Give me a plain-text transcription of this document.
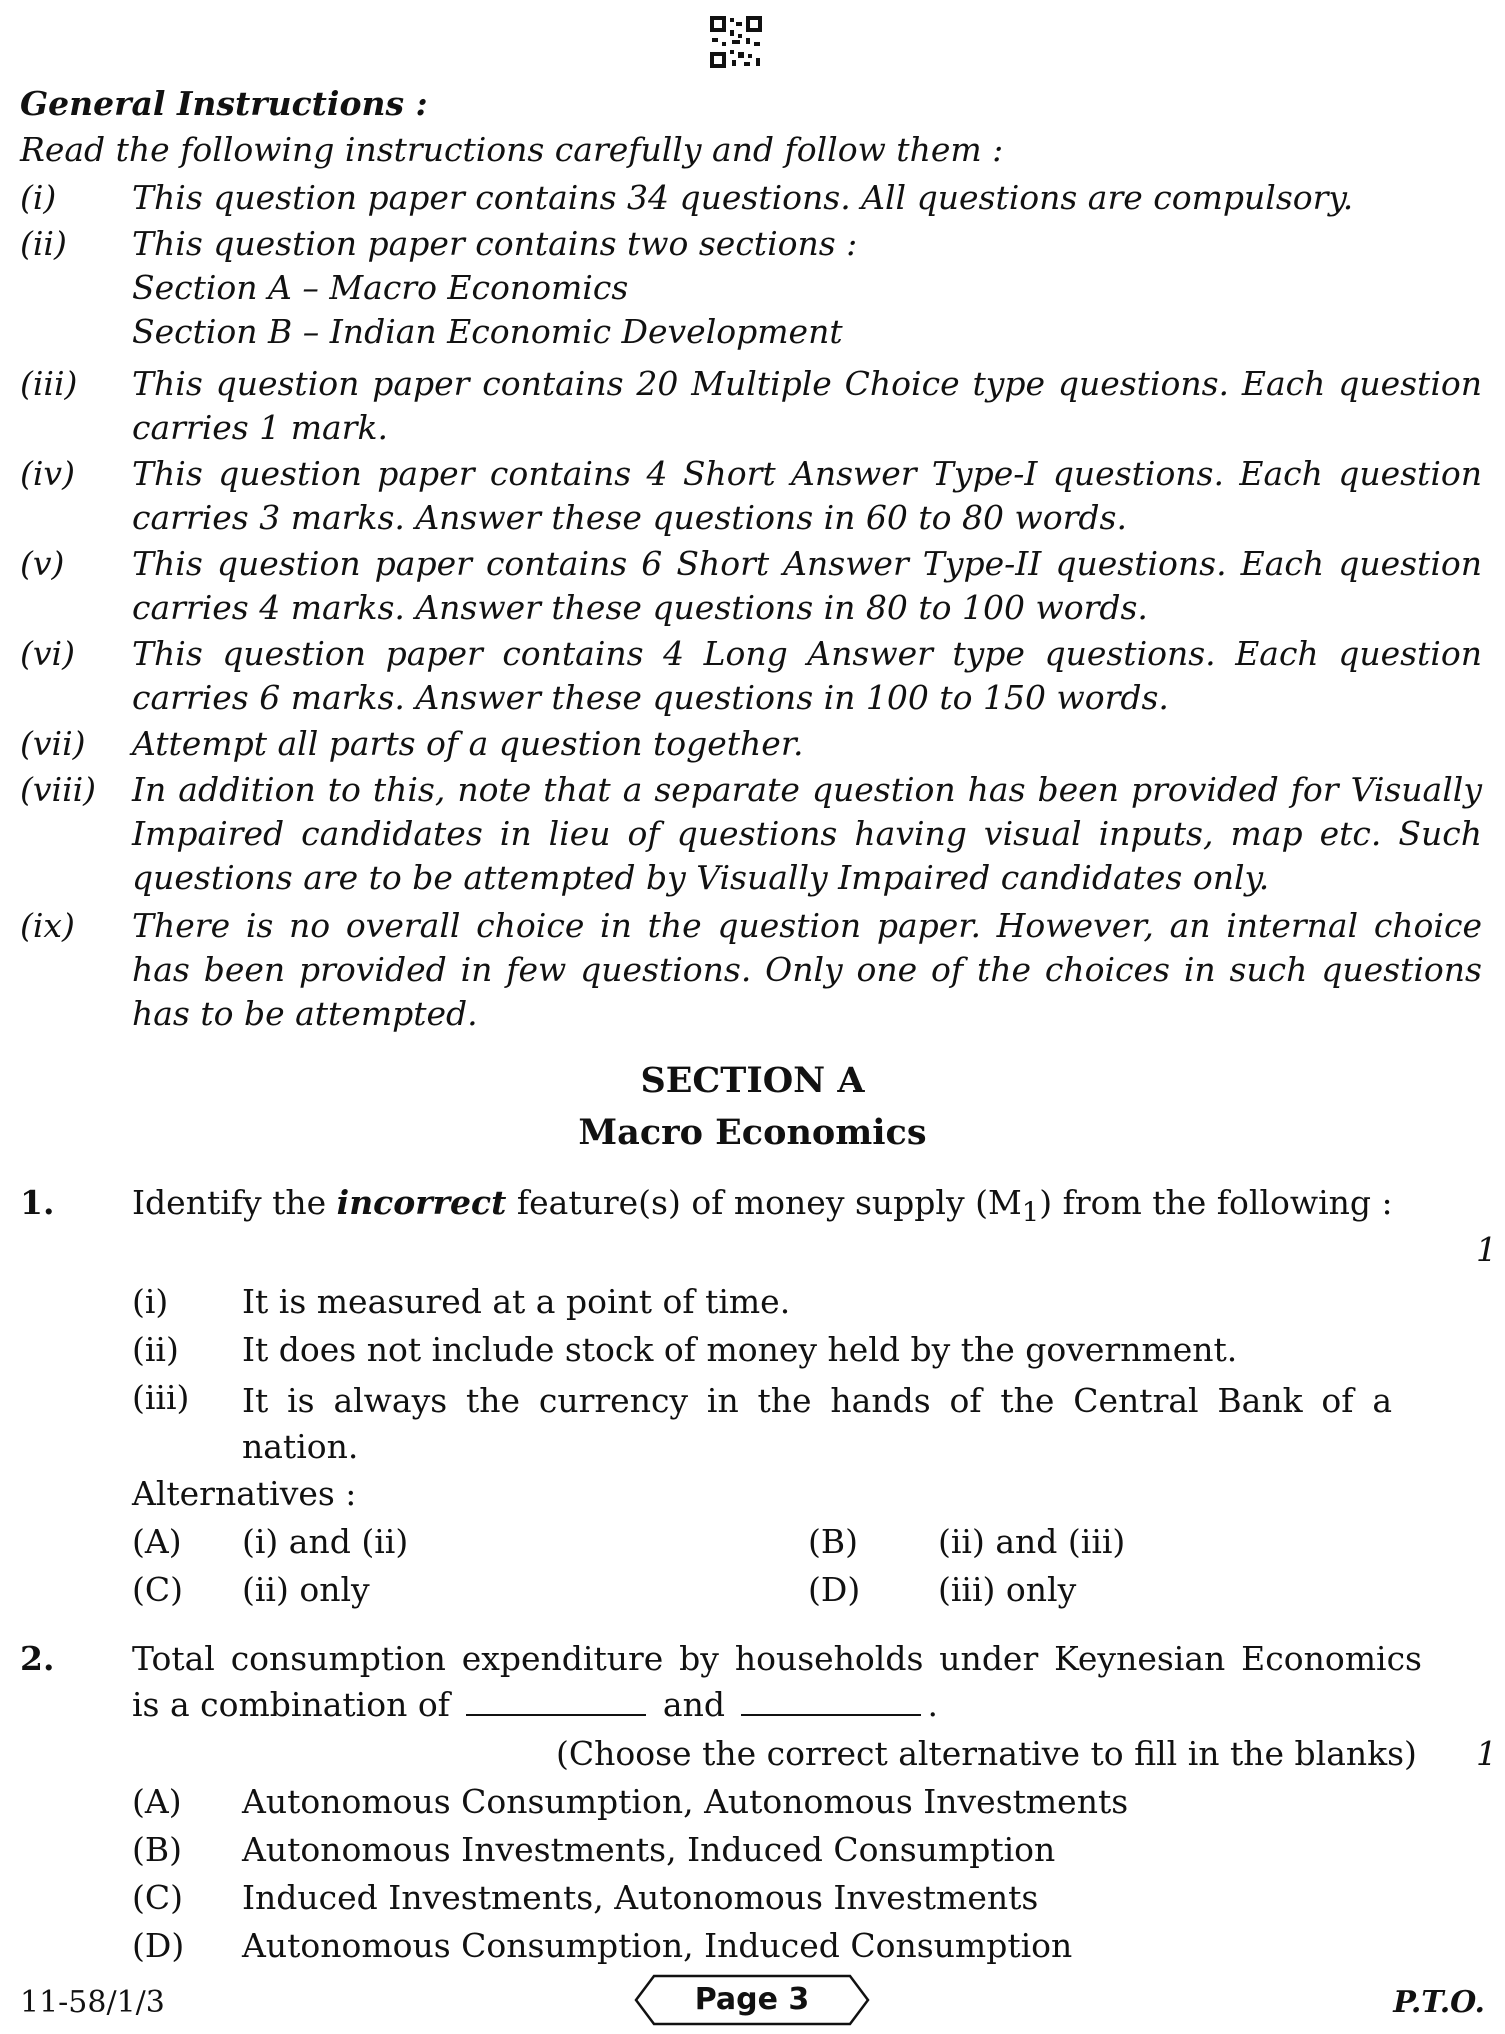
General Instructions :
Read the following instructions carefully and follow them :
(i) This question paper contains 34 questions. All questions are compulsory.
(ii) This question paper contains two sections :
Section A – Macro Economics
Section B – Indian Economic Development
(iii) This question paper contains 20 Multiple Choice type questions. Each question carries 1 mark.
(iv) This question paper contains 4 Short Answer Type-I questions. Each question carries 3 marks. Answer these questions in 60 to 80 words.
(v) This question paper contains 6 Short Answer Type-II questions. Each question carries 4 marks. Answer these questions in 80 to 100 words.
(vi) This question paper contains 4 Long Answer type questions. Each question carries 6 marks. Answer these questions in 100 to 150 words.
(vii) Attempt all parts of a question together.
(viii) In addition to this, note that a separate question has been provided for Visually Impaired candidates in lieu of questions having visual inputs, map etc. Such questions are to be attempted by Visually Impaired candidates only.
(ix) There is no overall choice in the question paper. However, an internal choice has been provided in few questions. Only one of the choices in such questions has to be attempted.
SECTION A
Macro Economics
1. Identify the incorrect feature(s) of money supply $(M_1)$ from the following :
1
(i) It is measured at a point of time.
(ii) It does not include stock of money held by the government.
(iii) It is always the currency in the hands of the Central Bank of a nation.
Alternatives :
(A) (i) and (ii)	(B) (ii) and (iii)
(C) (ii) only	(D) (iii) only
2. Total consumption expenditure by households under Keynesian Economics is a combination of	and	.
(Choose the correct alternative to fill in the blanks) 1
(A) Autonomous Consumption, Autonomous Investments
(B) Autonomous Investments, Induced Consumption
(C) Induced Investments, Autonomous Investments
(D) Autonomous Consumption, Induced Consumption
11-58/1/3	Page 3	P.T.O.
